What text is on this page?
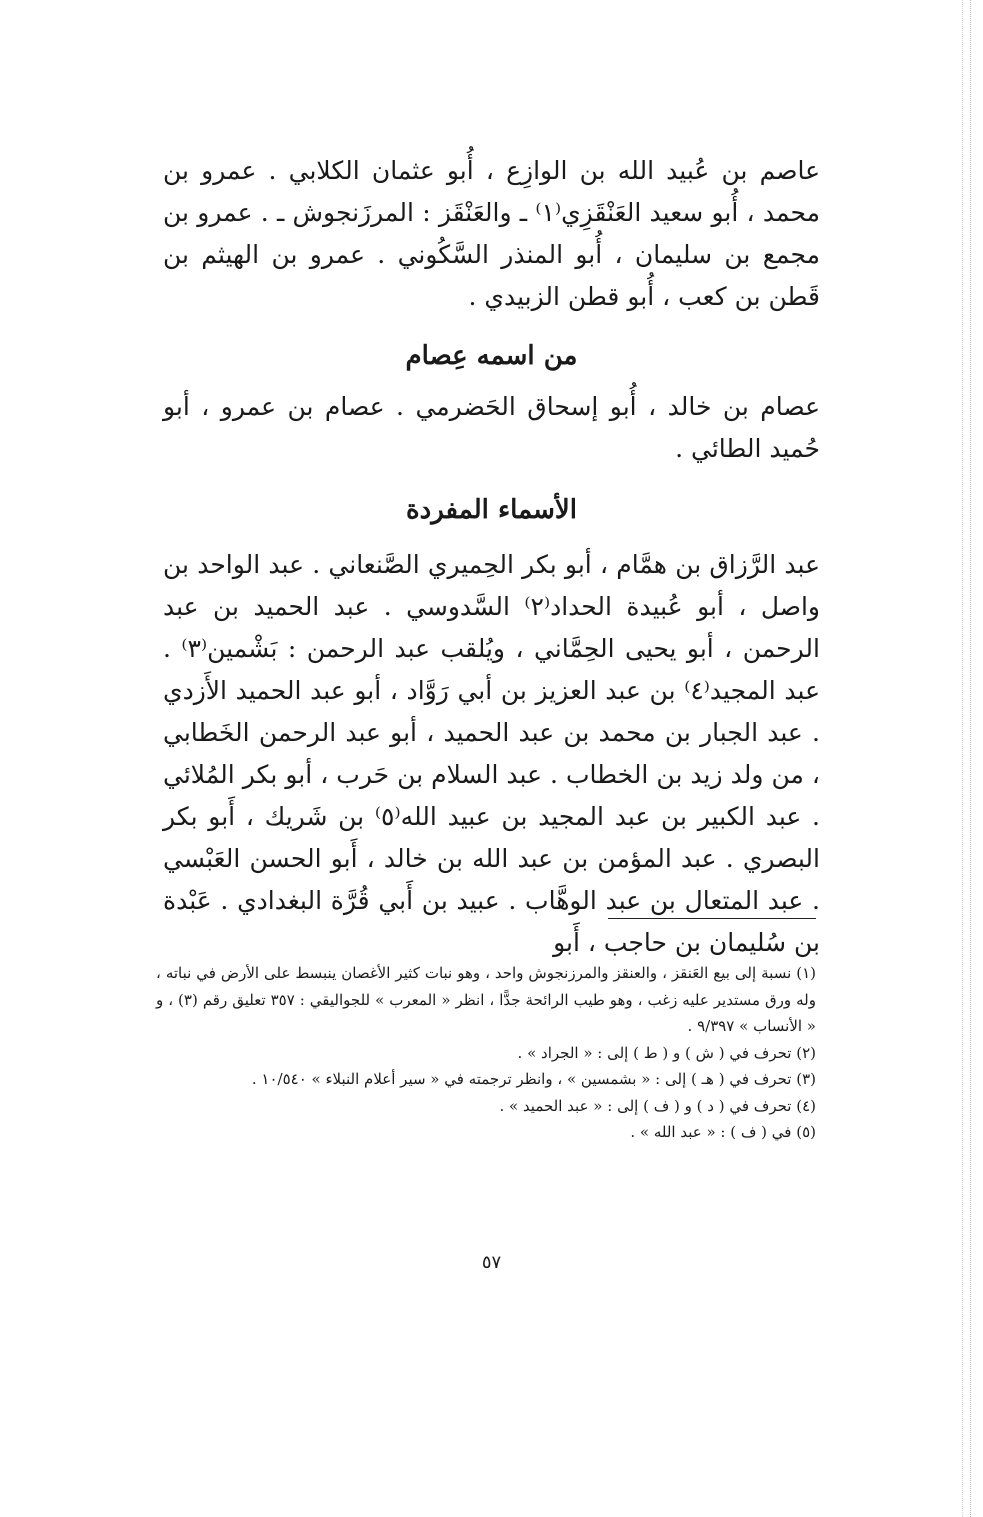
عاصم بن عُبيد الله بن الوازِع ، أُبو عثمان الكلابي . عمرو بن محمد ، أُبو سعيد العَنْقَزِي⁽١⁾ ـ والعَنْقَز : المرزَنجوش ـ . عمرو بن مجمع بن سليمان ، أُبو المنذر السَّكُوني . عمرو بن الهيثم بن قَطن بن كعب ، أُبو قطن الزبيدي .

من اسمه عِصام

عصام بن خالد ، أُبو إسحاق الحَضرمي . عصام بن عمرو ، أبو حُميد الطائي .

الأسماء المفردة

عبد الرَّزاق بن همَّام ، أبو بكر الحِميري الصَّنعاني . عبد الواحد بن واصل ، أبو عُبيدة الحداد⁽٢⁾ السَّدوسي . عبد الحميد بن عبد الرحمن ، أبو يحيى الحِمَّاني ، ويُلقب عبد الرحمن : بَشْمين⁽٣⁾ . عبد المجيد⁽٤⁾ بن عبد العزيز بن أبي رَوَّاد ، أبو عبد الحميد الأَزدي . عبد الجبار بن محمد بن عبد الحميد ، أبو عبد الرحمن الخَطابي ، من ولد زيد بن الخطاب . عبد السلام بن حَرب ، أبو بكر المُلائي . عبد الكبير بن عبد المجيد بن عبيد الله⁽٥⁾ بن شَريك ، أَبو بكر البصري . عبد المؤمن بن عبد الله بن خالد ، أَبو الحسن العَبْسي . عبد المتعال بن عبد الوهَّاب . عبيد بن أَبي قُرَّة البغدادي . عَبْدة بن سُليمان بن حاجب ، أَبو

(١) نسبة إلى بيع العَنقز ، والعنقز والمرزنجوش واحد ، وهو نبات كثير الأغصان ينبسط على الأرض في نباته ، وله ورق مستدير عليه زغب ، وهو طيب الرائحة جدًّا ، انظر « المعرب » للجواليقي : ٣٥٧ تعليق رقم (٣) ، و « الأنساب » ٩/٣٩٧ .

(٢) تحرف في ( ش ) و ( ط ) إلى : « الجراد » .

(٣) تحرف في ( هـ ) إلى : « بشمسين » ، وانظر ترجمته في « سير أعلام النبلاء » ١٠/٥٤٠ .

(٤) تحرف في ( د ) و ( ف ) إلى : « عبد الحميد » .

(٥) في ( ف ) : « عبد الله » .

٥٧
